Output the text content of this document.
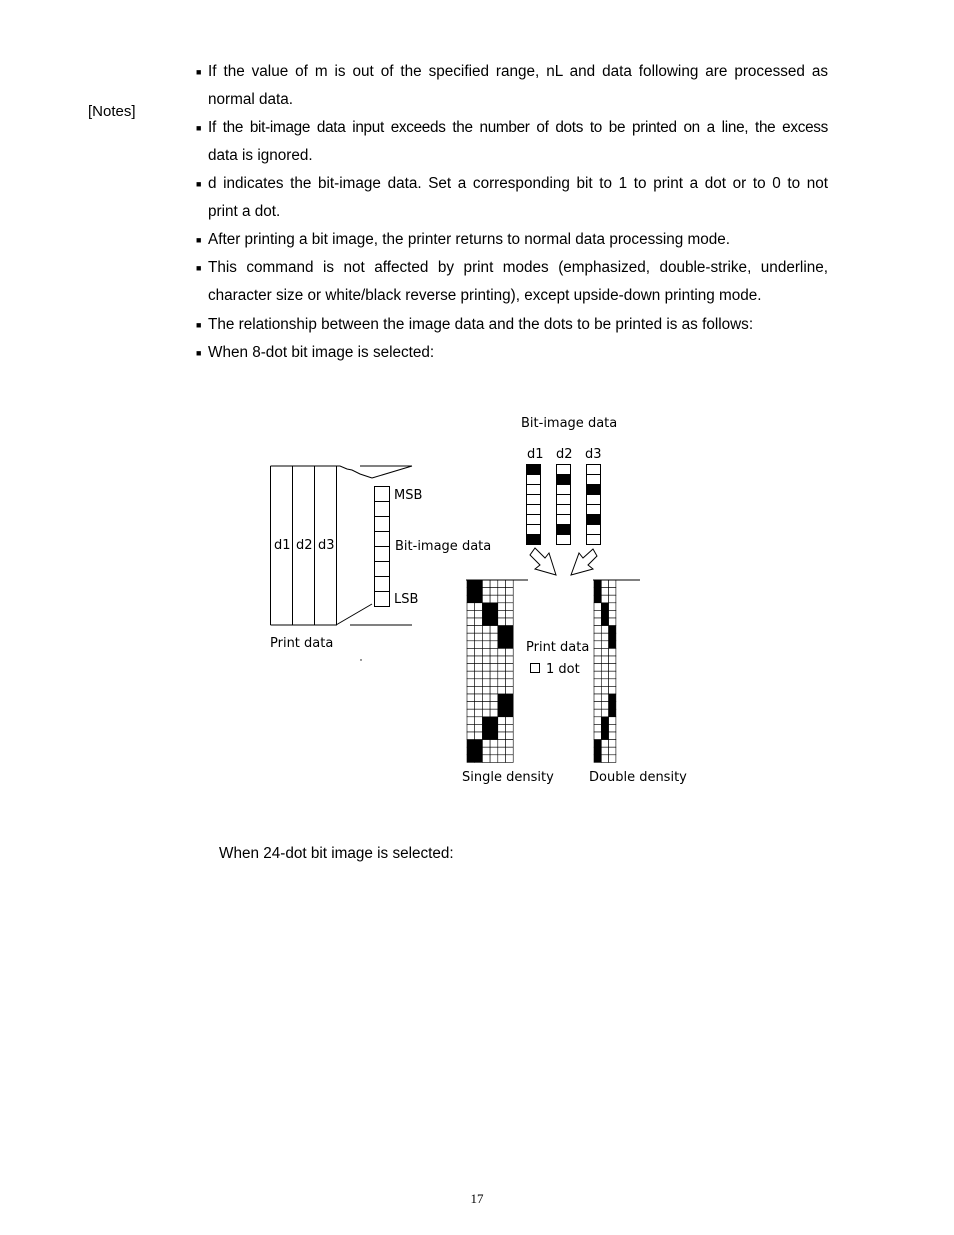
[Notes]
■ If the value of m is out of the specified range, nL and data following are processed as
normal data.
■ If the bit-image data input exceeds the number of dots to be printed on a line, the excess
data is ignored.
■ d indicates the bit-image data. Set a corresponding bit to 1 to print a dot or to 0 to not
print a dot.
■ After printing a bit image, the printer returns to normal data processing mode.
■ This command is not affected by print modes (emphasized, double-strike, underline,
character size or white/black reverse printing), except upside-down printing mode.
■ The relationship between the image data and the dots to be printed is as follows:
■ When 8-dot bit image is selected:
d1 d2 d3
Print data
MSB
Bit-image data
LSB
Bit-image data
d1 d2 d3
Print data
1 dot
Single density	Double density
When 24-dot bit image is selected:
17
